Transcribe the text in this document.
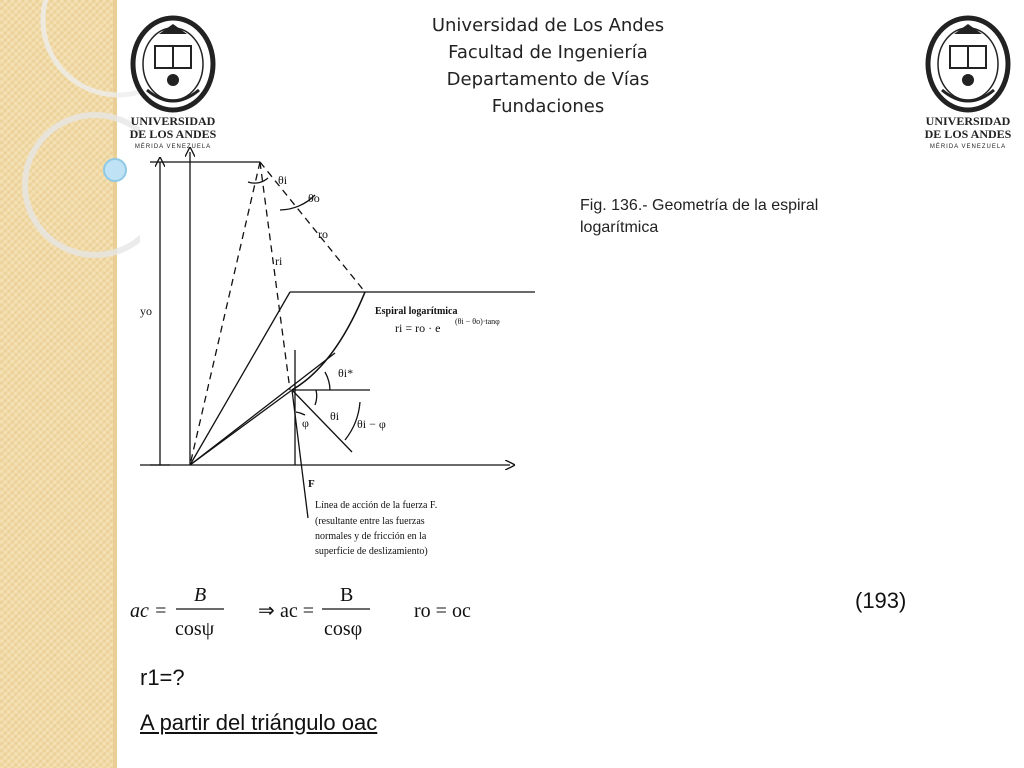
UNIVERSIDAD
DE LOS ANDES
MÉRIDA VENEZUELA
UNIVERSIDAD
DE LOS ANDES
MÉRIDA VENEZUELA
Universidad de Los Andes
Facultad de Ingeniería
Departamento de Vías
Fundaciones
Fig. 136.- Geometría de la espiral logarítmica
θi
θo
ro
ri
yo	Espiral logarítmica
ri = ro · e (θi − θo)·tanφ
θi*
θi
φ	θi − φ
F
Línea de acción de la fuerza F.
(resultante entre las fuerzas
normales y de fricción en la
superficie de deslizamiento)
ac =
B
cosψ
⇒ ac =
B
cosφ
ro = oc	(193)
r1=?
A partir del triángulo oac
